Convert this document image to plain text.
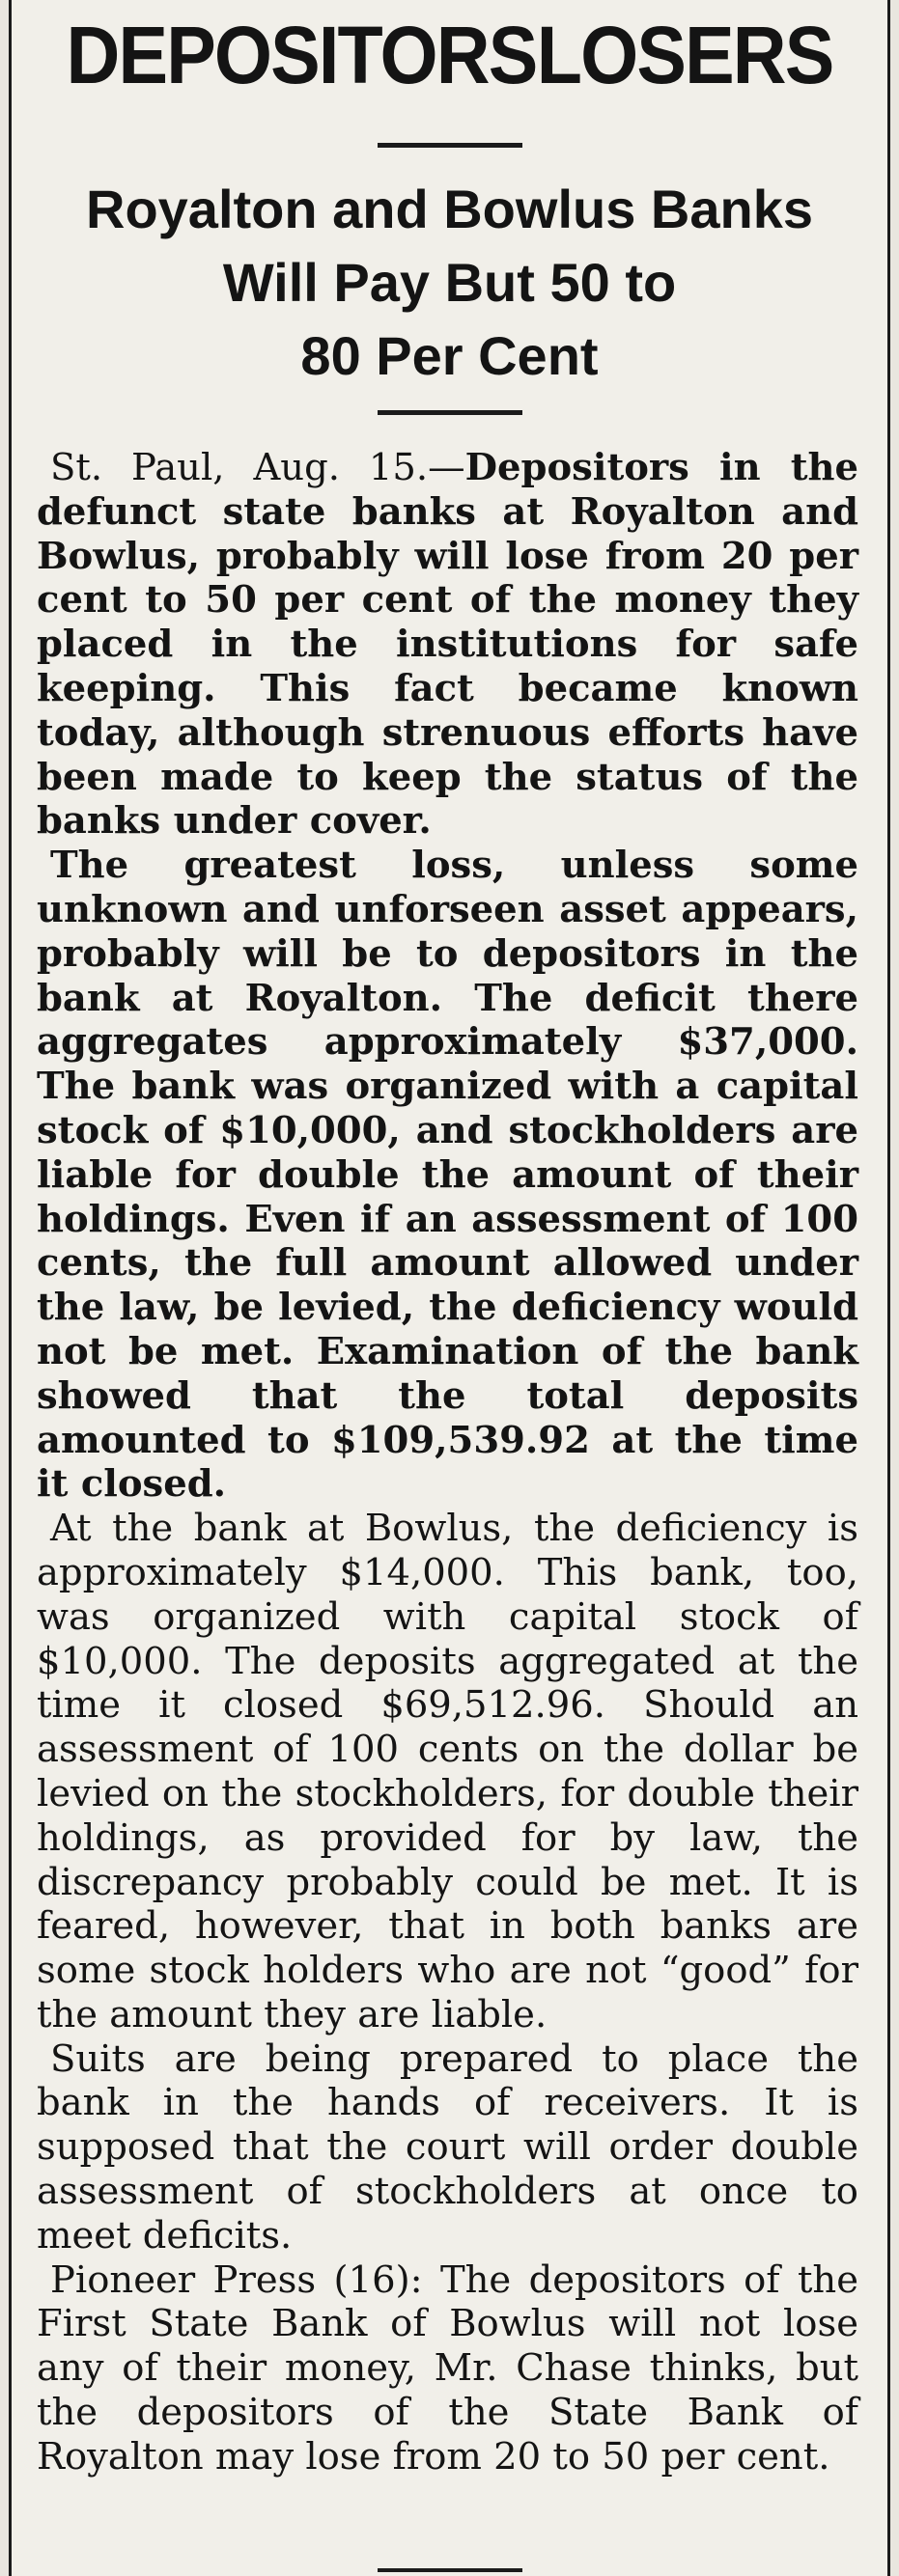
DEPOSITORS LOSERS
Royalton and Bowlus Banks
Will Pay But 50 to
80 Per Cent

St. Paul, Aug. 15.—Depositors in the defunct state banks at Royalton and Bowlus, probably will lose from 20 per cent to 50 per cent of the money they placed in the institutions for safe keeping. This fact became known today, although strenuous efforts have been made to keep the status of the banks under cover.

The greatest loss, unless some unknown and unforseen asset appears, probably will be to depositors in the bank at Royalton. The deficit there aggregates approximately $37,000. The bank was organized with a capital stock of $10,000, and stockholders are liable for double the amount of their holdings. Even if an assessment of 100 cents, the full amount allowed under the law, be levied, the deficiency would not be met. Examination of the bank showed that the total deposits amounted to $109,539.92 at the time it closed.

At the bank at Bowlus, the deficiency is approximately $14,000. This bank, too, was organized with capital stock of $10,000. The deposits aggregated at the time it closed $69,512.96. Should an assessment of 100 cents on the dollar be levied on the stockholders, for double their holdings, as provided for by law, the discrepancy probably could be met. It is feared, however, that in both banks are some stock holders who are not “good” for the amount they are liable.

Suits are being prepared to place the bank in the hands of receivers. It is supposed that the court will order double assessment of stockholders at once to meet deficits.

Pioneer Press (16): The depositors of the First State Bank of Bowlus will not lose any of their money, Mr. Chase thinks, but the depositors of the State Bank of Royalton may lose from 20 to 50 per cent.
